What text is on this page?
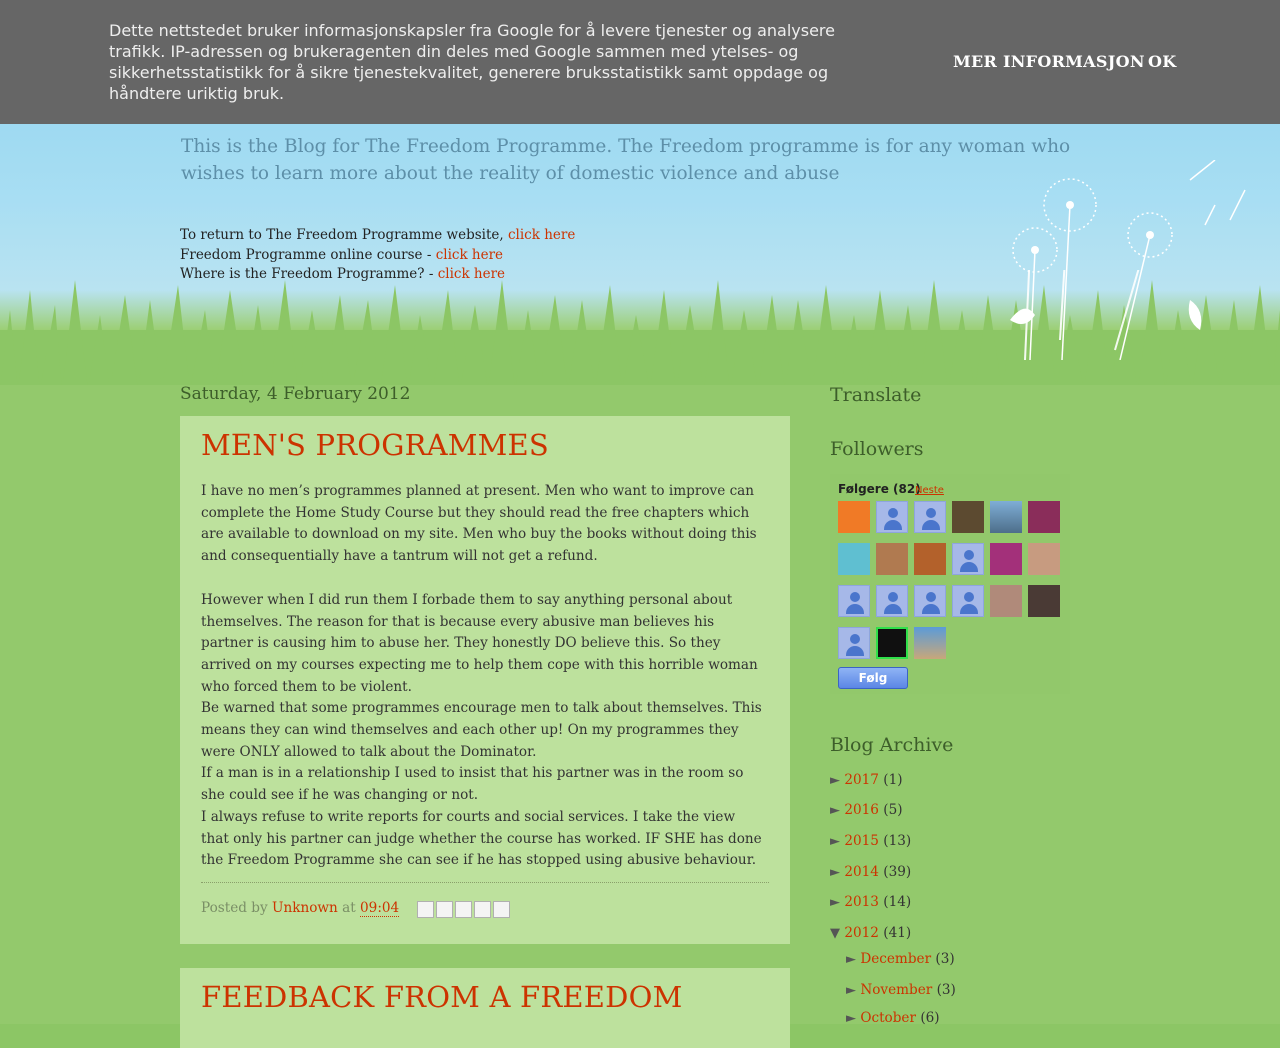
Dette nettstedet bruker informasjonskapsler fra Google for å levere tjenester og analysere trafikk. IP-adressen og brukeragenten din deles med Google sammen med ytelses- og sikkerhetsstatistikk for å sikre tjenestekvalitet, generere bruksstatistikk samt oppdage og håndtere uriktig bruk.
MER INFORMASJON OK
This is the Blog for The Freedom Programme. The Freedom programme is for any woman who wishes to learn more about the reality of domestic violence and abuse
To return to The Freedom Programme website, click here
Freedom Programme online course - click here
Where is the Freedom Programme? - click here
Saturday, 4 February 2012
MEN'S PROGRAMMES

I have no men’s programmes planned at present. Men who want to improve can complete the Home Study Course but they should read the free chapters which are available to download on my site. Men who buy the books without doing this and consequentially have a tantrum will not get a refund.

However when I did run them I forbade them to say anything personal about themselves. The reason for that is because every abusive man believes his partner is causing him to abuse her. They honestly DO believe this. So they arrived on my courses expecting me to help them cope with this horrible woman who forced them to be violent.

Be warned that some programmes encourage men to talk about themselves. This means they can wind themselves and each other up! On my programmes they were ONLY allowed to talk about the Dominator.

If a man is in a relationship I used to insist that his partner was in the room so she could see if he was changing or not.

I always refuse to write reports for courts and social services. I take the view that only his partner can judge whether the course has worked. IF SHE has done the Freedom Programme she can see if he has stopped using abusive behaviour.

Posted by Unknown at 09:04
FEEDBACK FROM A FREEDOM
Translate
Followers
Følgere (82)
Neste
Følg
Blog Archive
► 2017 (1)
► 2016 (5)
► 2015 (13)
► 2014 (39)
► 2013 (14)
▼ 2012 (41)
► December (3)
► November (3)
► October (6)
